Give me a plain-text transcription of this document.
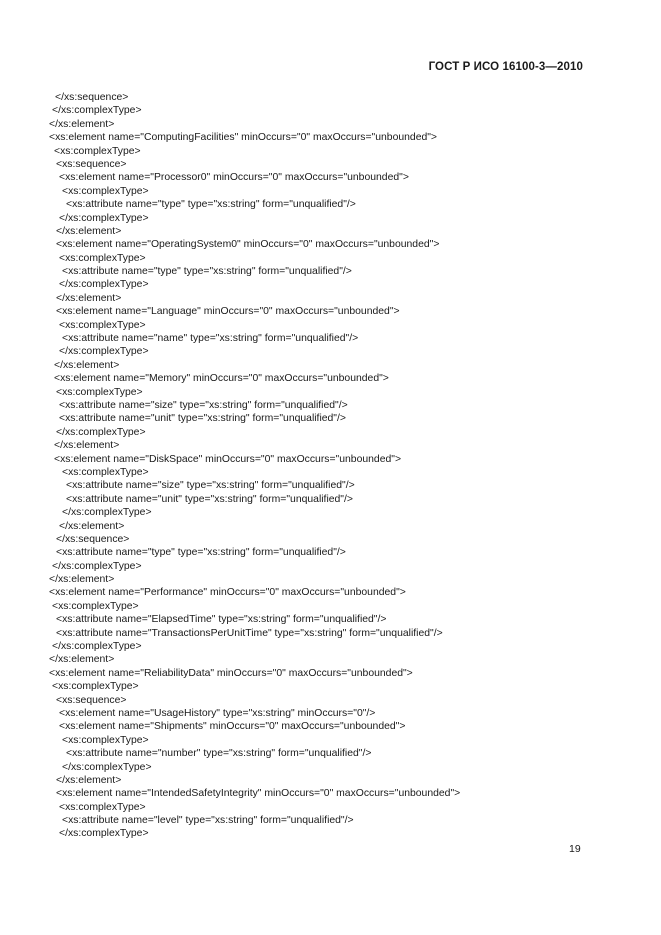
ГОСТ Р ИСО 16100-3—2010
</xs:sequence>
</xs:complexType>
</xs:element>
<xs:element name="ComputingFacilities" minOccurs="0" maxOccurs="unbounded">
<xs:complexType>
<xs:sequence>
<xs:element name="Processor0" minOccurs="0" maxOccurs="unbounded">
<xs:complexType>
<xs:attribute name="type" type="xs:string" form="unqualified"/>
</xs:complexType>
</xs:element>
<xs:element name="OperatingSystem0" minOccurs="0" maxOccurs="unbounded">
<xs:complexType>
<xs:attribute name="type" type="xs:string" form="unqualified"/>
</xs:complexType>
</xs:element>
<xs:element name="Language" minOccurs="0" maxOccurs="unbounded">
<xs:complexType>
<xs:attribute name="name" type="xs:string" form="unqualified"/>
</xs:complexType>
</xs:element>
<xs:element name="Memory" minOccurs="0" maxOccurs="unbounded">
<xs:complexType>
<xs:attribute name="size" type="xs:string" form="unqualified"/>
<xs:attribute name="unit" type="xs:string" form="unqualified"/>
</xs:complexType>
</xs:element>
<xs:element name="DiskSpace" minOccurs="0" maxOccurs="unbounded">
<xs:complexType>
<xs:attribute name="size" type="xs:string" form="unqualified"/>
<xs:attribute name="unit" type="xs:string" form="unqualified"/>
</xs:complexType>
</xs:element>
</xs:sequence>
<xs:attribute name="type" type="xs:string" form="unqualified"/>
</xs:complexType>
</xs:element>
<xs:element name="Performance" minOccurs="0" maxOccurs="unbounded">
<xs:complexType>
<xs:attribute name="ElapsedTime" type="xs:string" form="unqualified"/>
<xs:attribute name="TransactionsPerUnitTime" type="xs:string" form="unqualified"/>
</xs:complexType>
</xs:element>
<xs:element name="ReliabilityData" minOccurs="0" maxOccurs="unbounded">
<xs:complexType>
<xs:sequence>
<xs:element name="UsageHistory" type="xs:string" minOccurs="0"/>
<xs:element name="Shipments" minOccurs="0" maxOccurs="unbounded">
<xs:complexType>
<xs:attribute name="number" type="xs:string" form="unqualified"/>
</xs:complexType>
</xs:element>
<xs:element name="IntendedSafetyIntegrity" minOccurs="0" maxOccurs="unbounded">
<xs:complexType>
<xs:attribute name="level" type="xs:string" form="unqualified"/>
</xs:complexType>
19
